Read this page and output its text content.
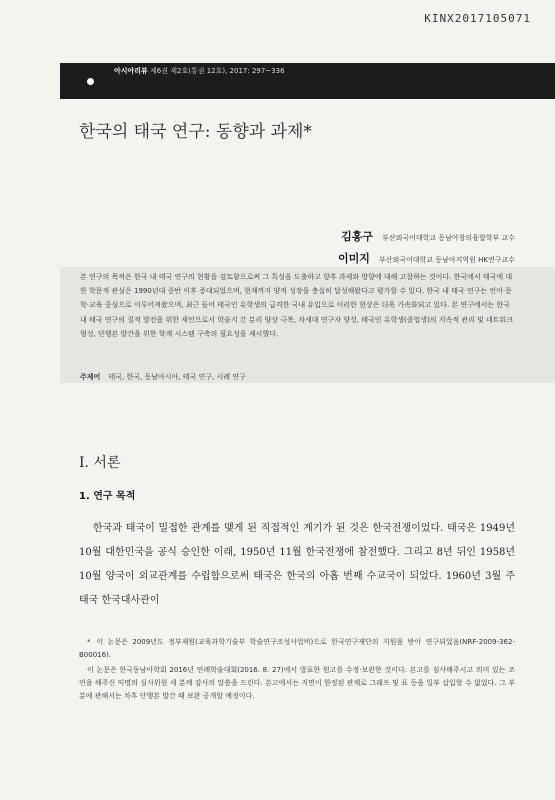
KINX2017105071
아시아리뷰 제6권 제2호(통권 12호), 2017: 297~336
한국의 태국 연구: 동향과 과제*
김홍구 부산외국어대학교 동남아창의융합학부 교수
이미지 부산외국어대학교 동남아지역원 HK연구교수

본 연구의 목적은 한국 내 태국 연구의 현황을 검토함으로써 그 특성을 도출하고 향후 과제와 방향에 대해 고찰하는 것이다. 한국에서 태국에 대한 학문적 관심은 1990년대 중반 이후 증대되었으며, 현재까지 양적 성장을 충실히 달성해왔다고 평가할 수 있다. 한국 내 태국 연구는 언어·문학·교육 중심으로 이루어져왔으며, 최근 들어 태국인 유학생의 급격한 국내 유입으로 이러한 현상은 더욱 가속화되고 있다. 본 연구에서는 한국 내 태국 연구의 질적 발전을 위한 제언으로서 학술지 간 분리 양상 극복, 차세대 연구자 양성, 태국인 유학생(졸업생)의 지속적 관리 및 네트워크 형성, 단행본 발간을 위한 학계 시스템 구축의 필요성을 제시했다.

주제어 태국, 한국, 동남아시아, 태국 연구, 시례 연구
I. 서론
1. 연구 목적

한국과 태국이 밀접한 관계를 맺게 된 직접적인 계기가 된 것은 한국전쟁이었다. 태국은 1949년 10월 대한민국을 공식 승인한 이래, 1950년 11월 한국전쟁에 참전했다. 그리고 8년 뒤인 1958년 10월 양국이 외교관계를 수립함으로써 태국은 한국의 아홉 번째 수교국이 되었다. 1960년 3월 주 태국 한국대사관이

* 이 논문은 2009년도 정부재원(교육과학기술부 학술연구조성사업비)으로 한국연구재단의 지원을 받아 연구되었음(NRF-2009-362-B00016).

이 논문은 한국동남아학회 2016년 연례학술대회(2016. 8. 27)에서 발표한 원고를 수정·보완한 것이다. 본고를 심사해주시고 의미 있는 조언을 해주신 익명의 심사위원 세 분께 감사의 말씀을 드린다. 본고에서는 지면이 한정된 관계로 그래프 및 표 등을 일부 삽입할 수 없었다. 그 부분에 관해서는 차후 단행본 발간 때 보완 공개할 예정이다.
